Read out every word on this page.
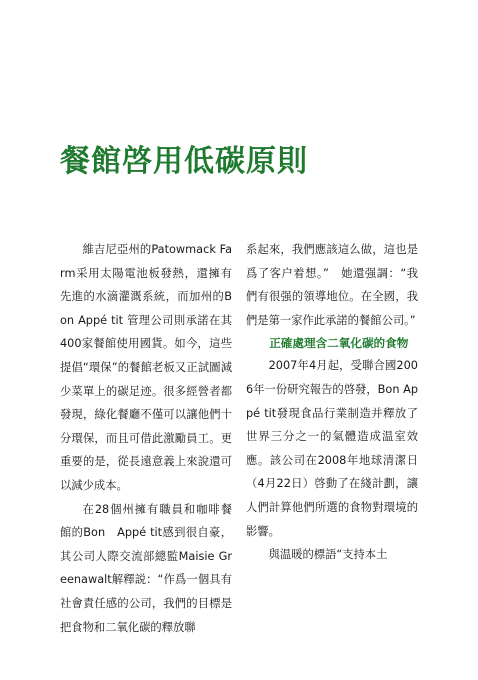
餐館啓用低碳原則

維吉尼亞州的Patowmack Farm采用太陽電池板發熱，還擁有先進的水滴灌溉系統，而加州的Bon Appé tit 管理公司則承諾在其400家餐館使用國貨。如今，這些提倡“環保”的餐館老板又正試圖減少菜單上的碳足迹。很多經營者都發現，綠化餐廳不僅可以讓他們十分環保，而且可借此激勵員工。更重要的是，從長遠意義上來說還可以減少成本。

在28個州擁有職員和咖啡餐館的Bon　Appé tit感到很自豪，其公司人際交流部總監Maisie Greenawalt解釋説：“作爲一個具有社會責任感的公司，我們的目標是把食物和二氧化碳的釋放聯

系起來，我們應該這么做，這也是爲了客户着想。”　她還强調：“我們有很强的領導地位。在全國，我們是第一家作此承諾的餐館公司。”

正確處理含二氧化碳的食物

2007年4月起，受聯合國2006年一份研究報告的啓發，Bon Appé tit發現食品行業制造并釋放了世界三分之一的氣體造成温室效應。該公司在2008年地球清潔日（4月22日）啓動了在綫計劃，讓人們計算他們所選的食物對環境的影響。

與温暖的標語“支持本土
